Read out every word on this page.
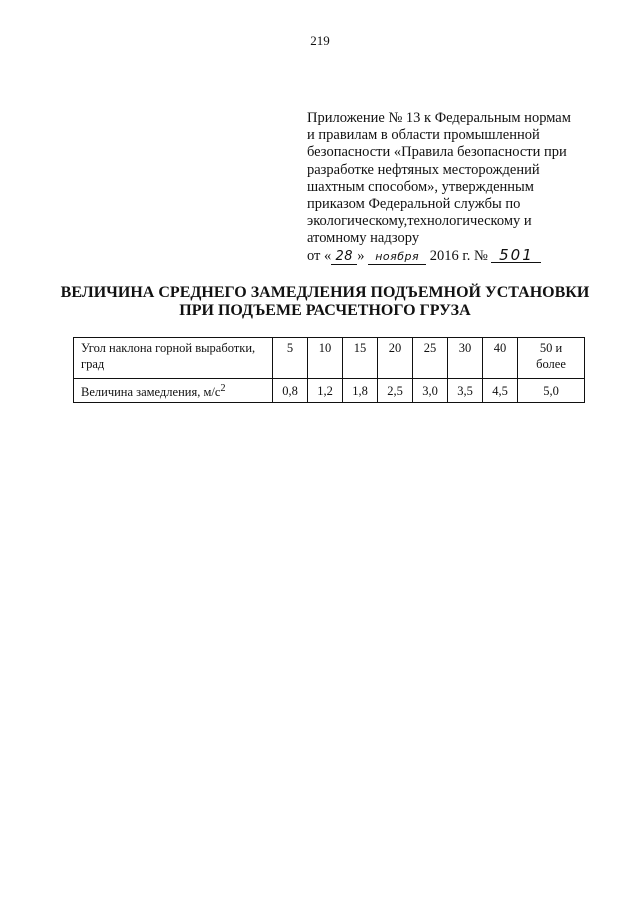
219
Приложение № 13 к Федеральным нормам
и правилам в области промышленной
безопасности «Правила безопасности при
разработке нефтяных месторождений
шахтным способом», утвержденным
приказом Федеральной службы по
экологическому,технологическому и
атомному надзору
от « 28 » ноября 2016 г. № 501
ВЕЛИЧИНА СРЕДНЕГО ЗАМЕДЛЕНИЯ ПОДЪЕМНОЙ УСТАНОВКИ
ПРИ ПОДЪЕМЕ РАСЧЕТНОГО ГРУЗА
Угол наклона горной выработки, град	5	10	15	20	25	30	40	50 и
более

Величина замедления, $м/с^2$	0,8	1,2	1,8	2,5	3,0	3,5	4,5	5,0
